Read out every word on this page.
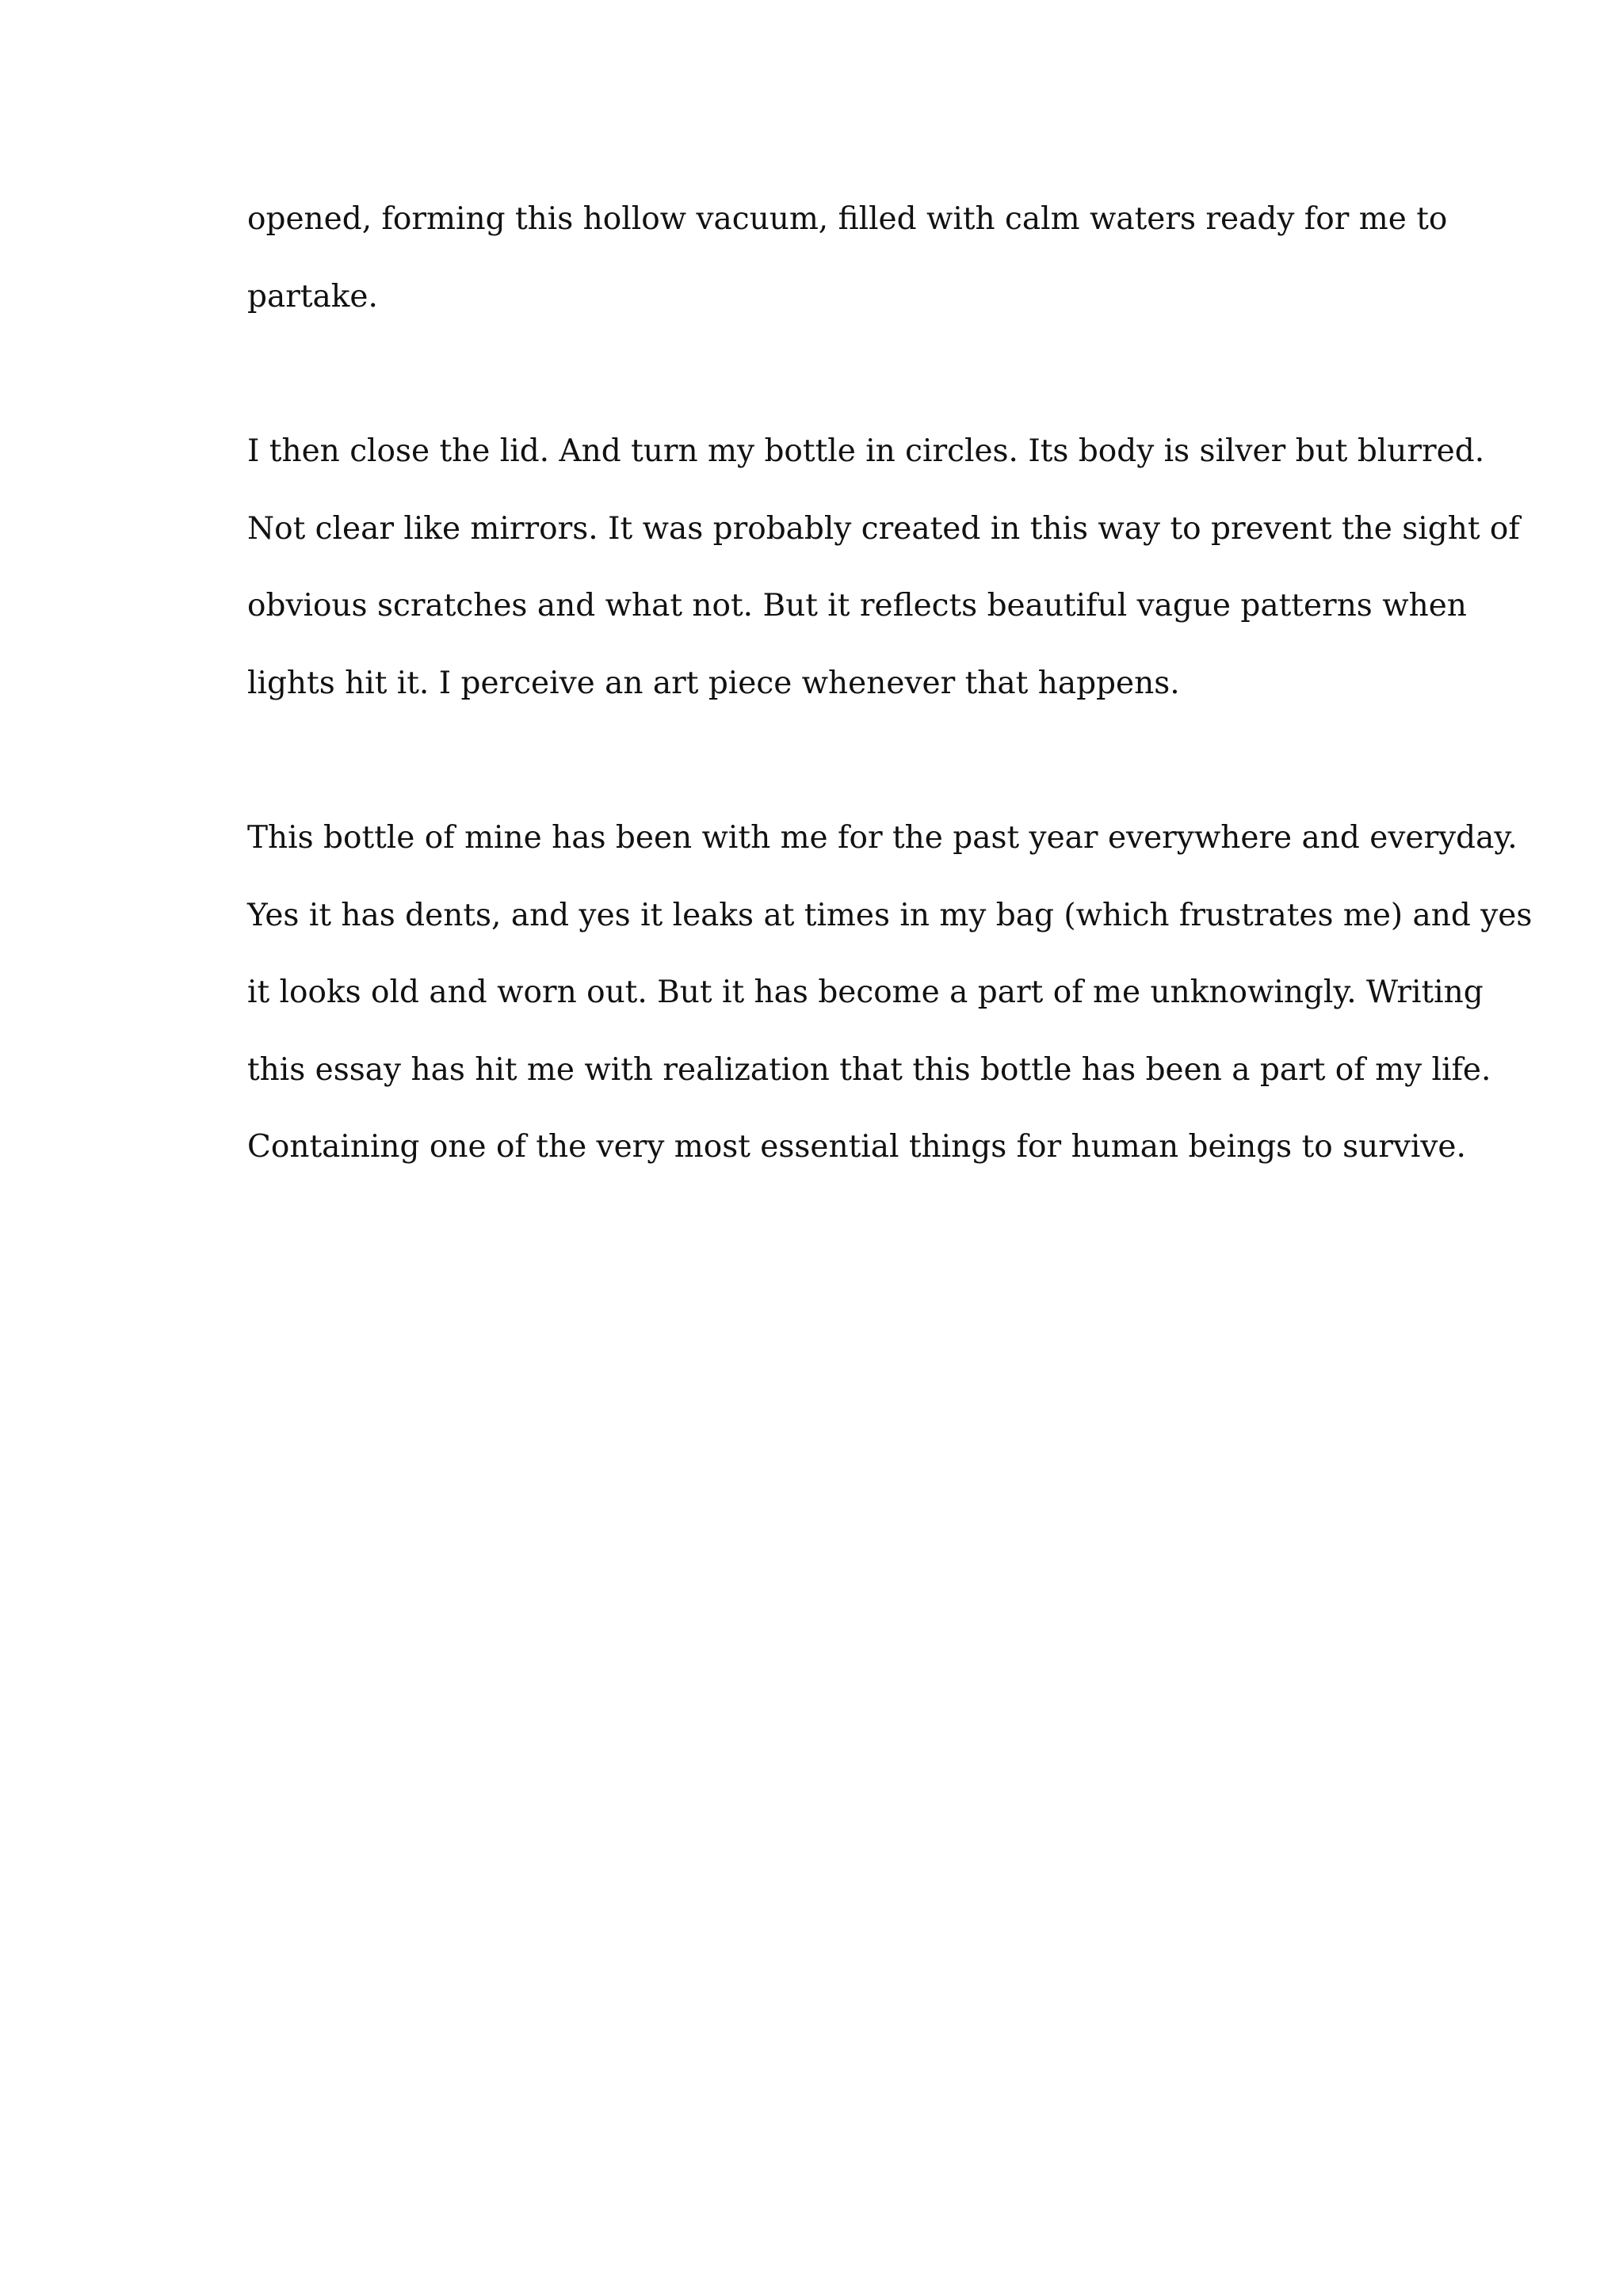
opened, forming this hollow vacuum, filled with calm waters ready for me to
partake.
I then close the lid. And turn my bottle in circles. Its body is silver but blurred.
Not clear like mirrors. It was probably created in this way to prevent the sight of
obvious scratches and what not. But it reflects beautiful vague patterns when
lights hit it. I perceive an art piece whenever that happens.
This bottle of mine has been with me for the past year everywhere and everyday.
Yes it has dents, and yes it leaks at times in my bag (which frustrates me) and yes
it looks old and worn out. But it has become a part of me unknowingly. Writing
this essay has hit me with realization that this bottle has been a part of my life.
Containing one of the very most essential things for human beings to survive.
